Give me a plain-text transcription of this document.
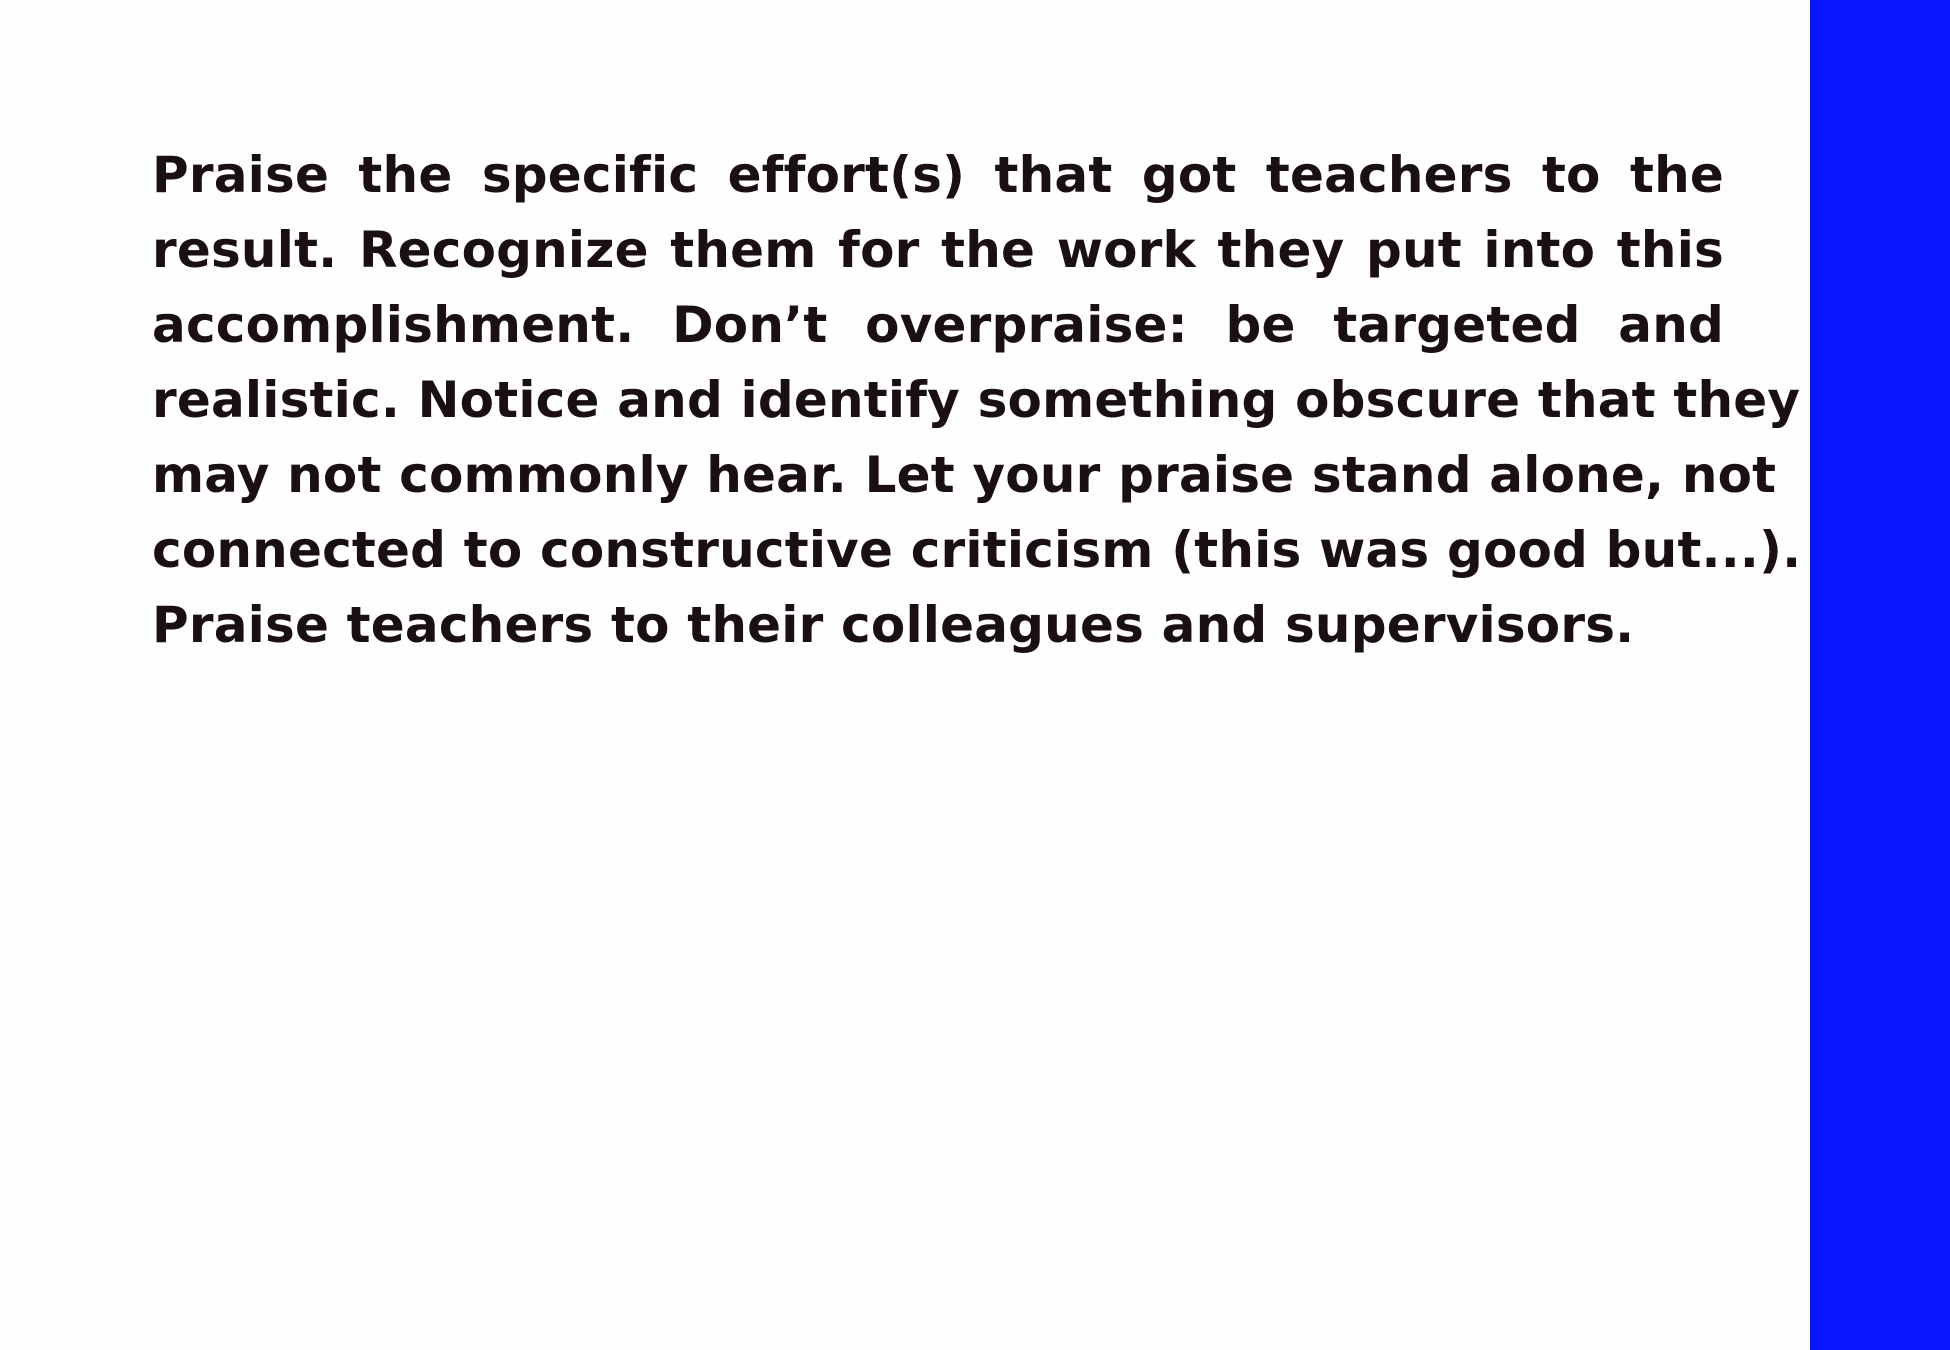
Praise the specific effort(s) that got teachers to the
result. Recognize them for the work they put into this
accomplishment. Don’t overpraise: be targeted and
realistic. Notice and identify something obscure that they
may not commonly hear. Let your praise stand alone, not
connected to constructive criticism (this was good but...).
Praise teachers to their colleagues and supervisors.
